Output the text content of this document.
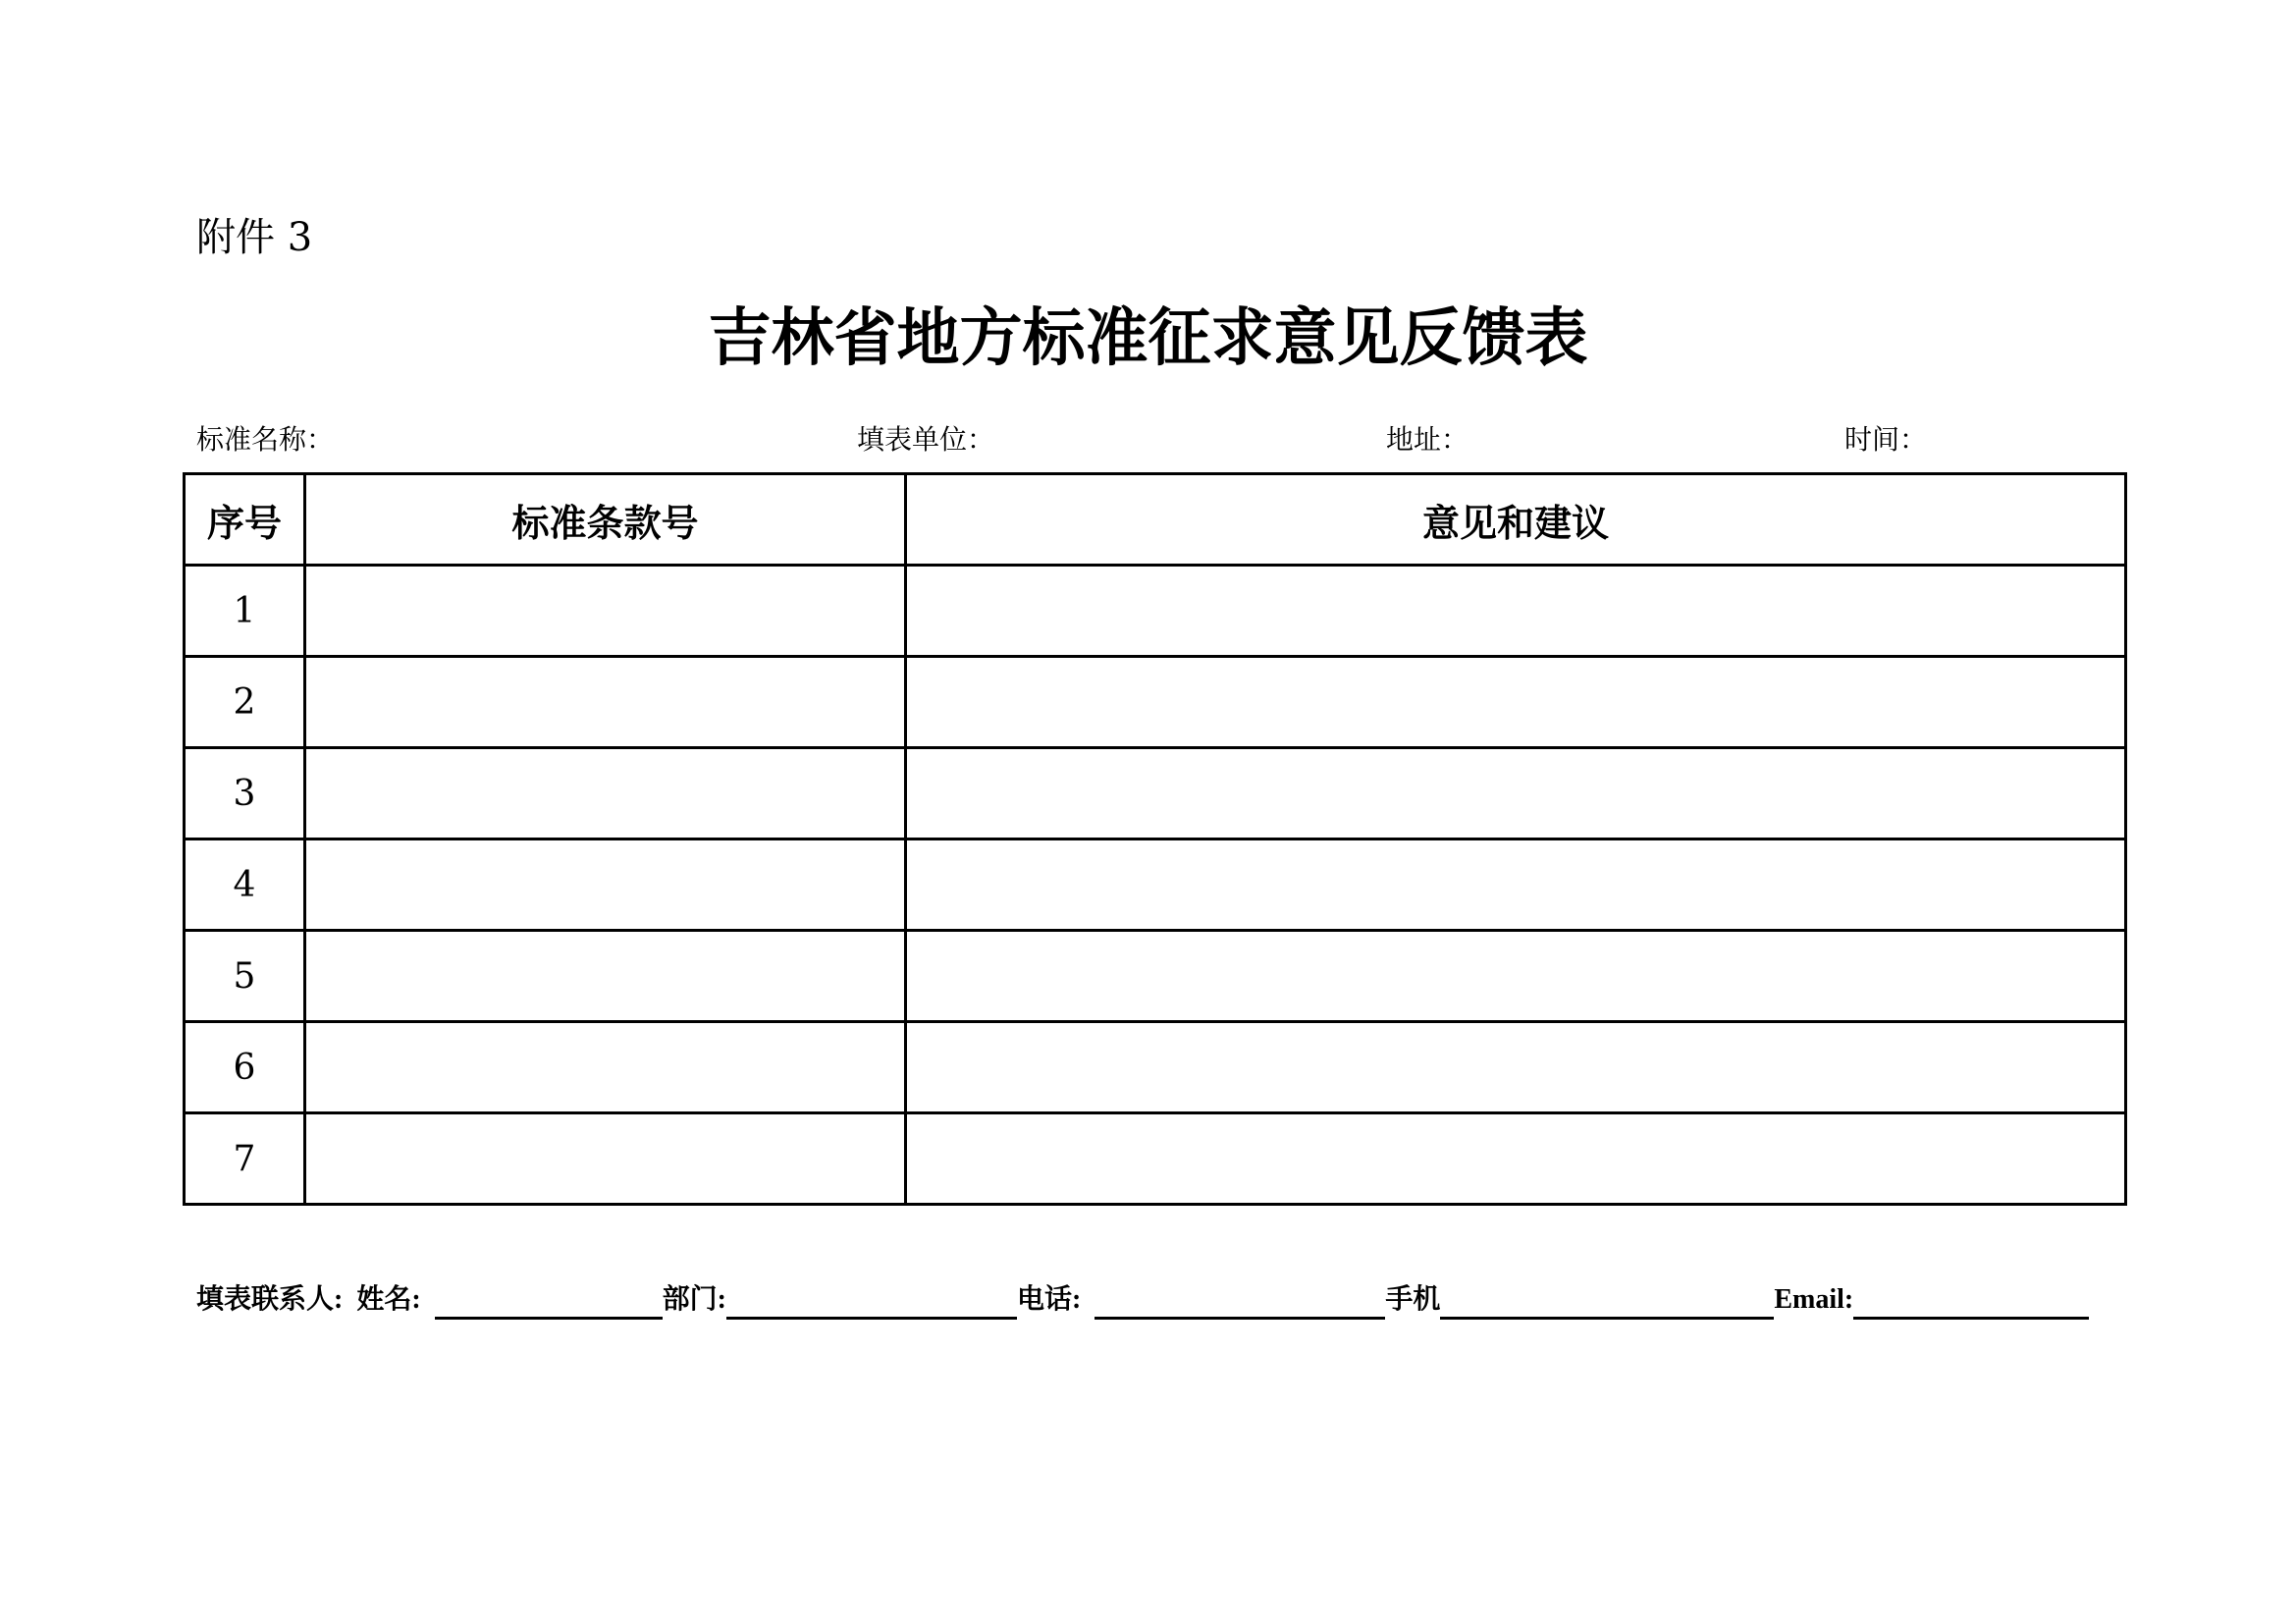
附件 3
吉林省地方标准征求意见反馈表
标准名称：	填表单位：	地址：	时间：
序号	标准条款号	意见和建议
1		
2		
3		
4		
5		
6		
7		
填表联系人: 姓名:	部门:	电话:	手机	Email:
